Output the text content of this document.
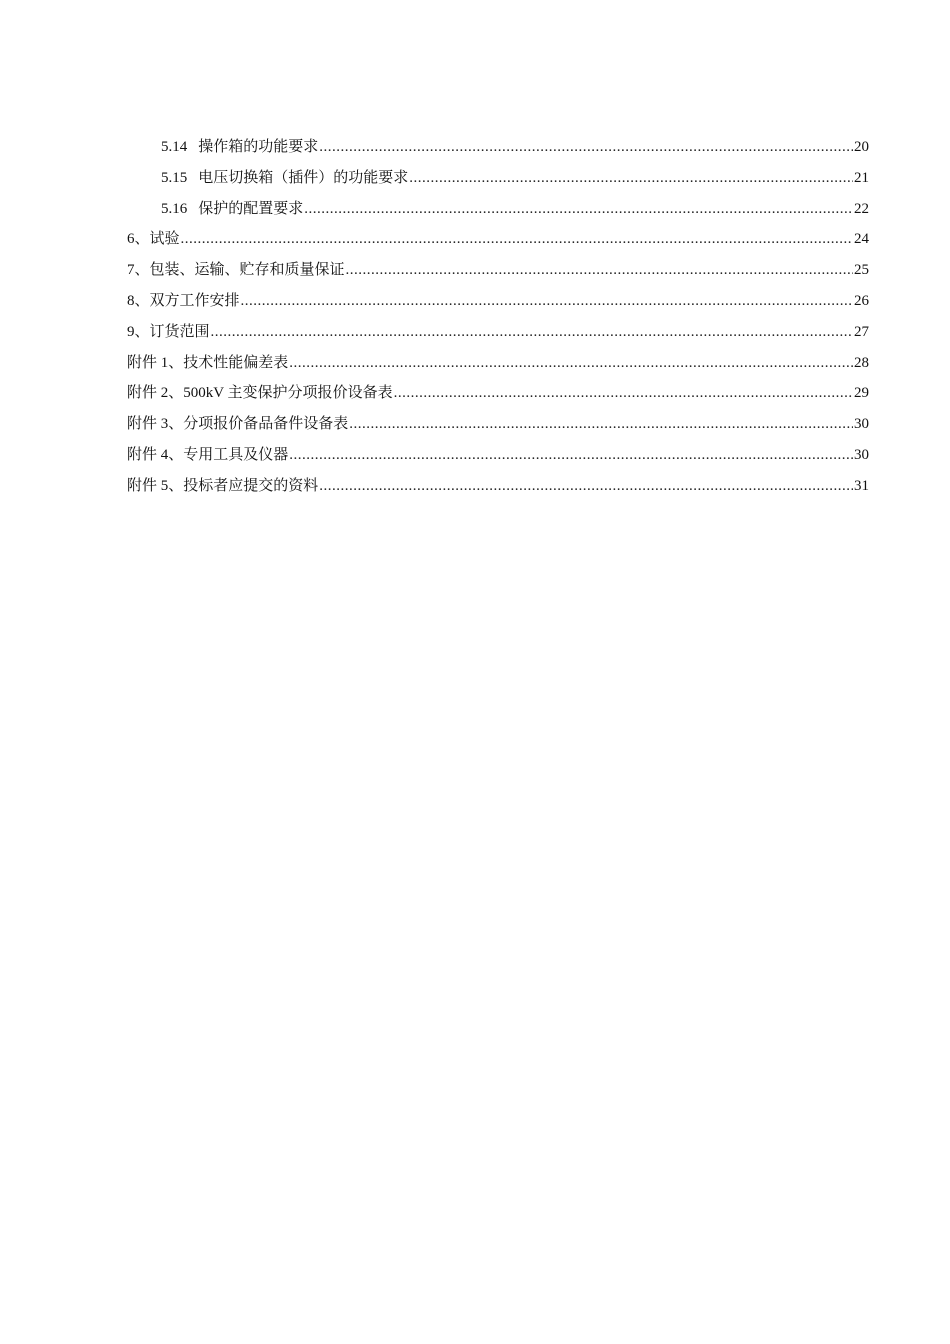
5.14 操作箱的功能要求 .....	20
5.15 电压切换箱（插件）的功能要求 .....	21
5.16 保护的配置要求 .....	22
6、试验 .....	24
7、包装、运输、贮存和质量保证 .....	25
8、双方工作安排 .....	26
9、订货范围 .....	27
附件 1、技术性能偏差表 .....	28
附件 2、500kV 主变保护分项报价设备表 .....	29
附件 3、分项报价备品备件设备表 .....	30
附件 4、专用工具及仪器 .....	30
附件 5、投标者应提交的资料 .....	31
